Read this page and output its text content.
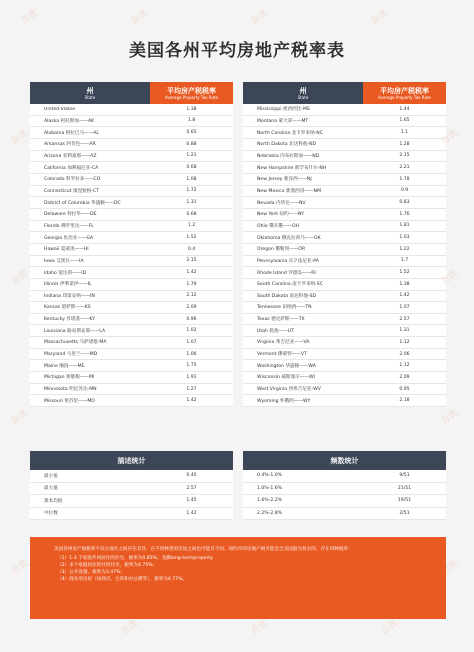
美国各州平均房地产税率表
州
State
平均房产税税率
Average Property Tax Rate
United States	1.38
Alaska 阿拉斯加——AK	1.8
Alabama 阿拉巴马——AL	0.65
Arkansas 阿肯色——AR	0.88
Arizona 亚利桑那——AZ	1.21
California 加利福尼亚-CA	0.68
Colorado 科罗拉多——CO	1.08
Connecticut 康涅狄格-CT	1.72
District of Columbia 华盛顿——DC	1.31
Delaware 特拉华——DE	0.68
Florida 佛罗里达——FL	1.2
Georgia 佐治亚——GA	1.52
Hawaii 夏威夷——HI	0.4
Iowa 艾奥瓦——IA	2.15
Idaho 爱达荷——ID	1.42
Illinois 伊利诺伊——IL	1.79
Indiana 印第安纳——IN	2.12
Kansas 堪萨斯——KS	2.09
Kentucky 肯塔基——KY	0.96
Louisiana 路易斯安那——LA	1.02
Massachusetts 马萨诸塞-MA	1.07
Maryland 马里兰——MD	1.06
Maine 缅因——ME	1.75
Michigan 密歇根——MI	1.91
Minnesota 明尼苏达-MN	1.27
Missouri 密苏里——MO	1.42
州
State
平均房产税税率
Average Property Tax Rate
Mississippi 密西西比-MS	1.44
Montana 蒙大拿——MT	1.65
North Carolina 北卡罗来纳-NC	1.1
North Dakota 北达科他-ND	1.28
Nebraska 内布拉斯加——ND	2.15
New Hampshire 新罕布什尔-NH	2.21
New Jersey 新泽西——NJ	1.78
New Mexico 新墨西哥——NM	0.9
Nevada 内华达——NV	0.83
New York 纽约——NY	1.76
Ohio 俄亥俄——OH	1.81
Oklahoma 俄克拉荷马——OK	1.03
Oregon 俄勒冈——OR	1.22
Pennsylvania 宾夕法尼亚-PA	1.7
Rhode Island 罗德岛——RI	1.52
South Carolina 南卡罗来纳-SC	1.38
South Dakota 南达科他-SD	1.42
Tennessee 田纳西——TN	1.07
Texas 德克萨斯——TX	2.57
Utah 犹他——UT	1.31
Virginia 弗吉尼亚——VA	1.12
Vermont 佛蒙特——VT	2.06
Washington 华盛顿——WA	1.12
Wisconsin 威斯康辛——WI	2.09
West Virginia 西弗吉尼亚-WV	0.95
Wyoming 怀俄明——WY	2.18
描述统计
最小值	0.40
最大值	2.57
算术均值	1.45
中位数	1.42
频数统计
0.4%-1.0%	9/51
1.0%-1.6%	21/51
1.6%-2.2%	19/51
2.2%-2.8%	2/51
美国各州房产税税率不仅在地区之间存在差异，在不同种类的房屋之间也可能有不同。纽约市的房地产税可能是全美国最为复杂的，存在四种税率：
（1）1-3 个家庭共同居住的住宅，税率为0.85%；龙腾long-termproperty
（2）多个家庭居住的共同住宅，税率为4.75%；
（3）公共设施，税率为3.47%；
（4）商业用房屋（如商店、仓库和办公楼等），税率为4.77%。
自优	自优	自优	自优
自优	自优
自优	自优
自优	自优
自优	自优
自优	自优	自优
